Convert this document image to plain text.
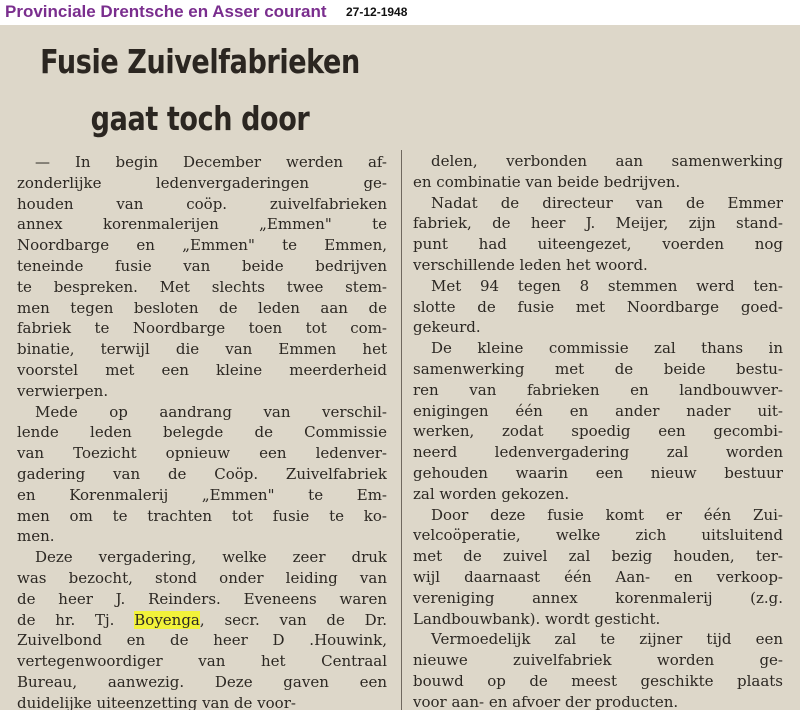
Provinciale Drentsche en Asser courant 27-12-1948
Fusie Zuivelfabrieken
gaat toch door

— In begin December werden af-
zonderlijke ledenvergaderingen ge-
houden van coöp. zuivelfabrieken
annex korenmalerijen „Emmen" te
Noordbarge en „Emmen" te Emmen,
teneinde fusie van beide bedrijven
te bespreken. Met slechts twee stem-
men tegen besloten de leden aan de
fabriek te Noordbarge toen tot com-
binatie, terwijl die van Emmen het
voorstel met een kleine meerderheid
verwierpen.

Mede op aandrang van verschil-
lende leden belegde de Commissie
van Toezicht opnieuw een ledenver-
gadering van de Coöp. Zuivelfabriek
en Korenmalerij „Emmen" te Em-
men om te trachten tot fusie te ko-
men.

Deze vergadering, welke zeer druk
was bezocht, stond onder leiding van
de heer J. Reinders. Eveneens waren
de hr. Tj. Boyenga, secr. van de Dr.
Zuivelbond en de heer D .Houwink,
vertegenwoordiger van het Centraal
Bureau, aanwezig. Deze gaven een
duidelijke uiteenzetting van de voor-

delen, verbonden aan samenwerking
en combinatie van beide bedrijven.

Nadat de directeur van de Emmer
fabriek, de heer J. Meijer, zijn stand-
punt had uiteengezet, voerden nog
verschillende leden het woord.

Met 94 tegen 8 stemmen werd ten-
slotte de fusie met Noordbarge goed-
gekeurd.

De kleine commissie zal thans in
samenwerking met de beide bestu-
ren van fabrieken en landbouwver-
enigingen één en ander nader uit-
werken, zodat spoedig een gecombi-
neerd ledenvergadering zal worden
gehouden waarin een nieuw bestuur
zal worden gekozen.

Door deze fusie komt er één Zui-
velcoöperatie, welke zich uitsluitend
met de zuivel zal bezig houden, ter-
wijl daarnaast één Aan- en verkoop-
vereniging annex korenmalerij (z.g.
Landbouwbank). wordt gesticht.

Vermoedelijk zal te zijner tijd een
nieuwe zuivelfabriek worden ge-
bouwd op de meest geschikte plaats
voor aan- en afvoer der producten.
